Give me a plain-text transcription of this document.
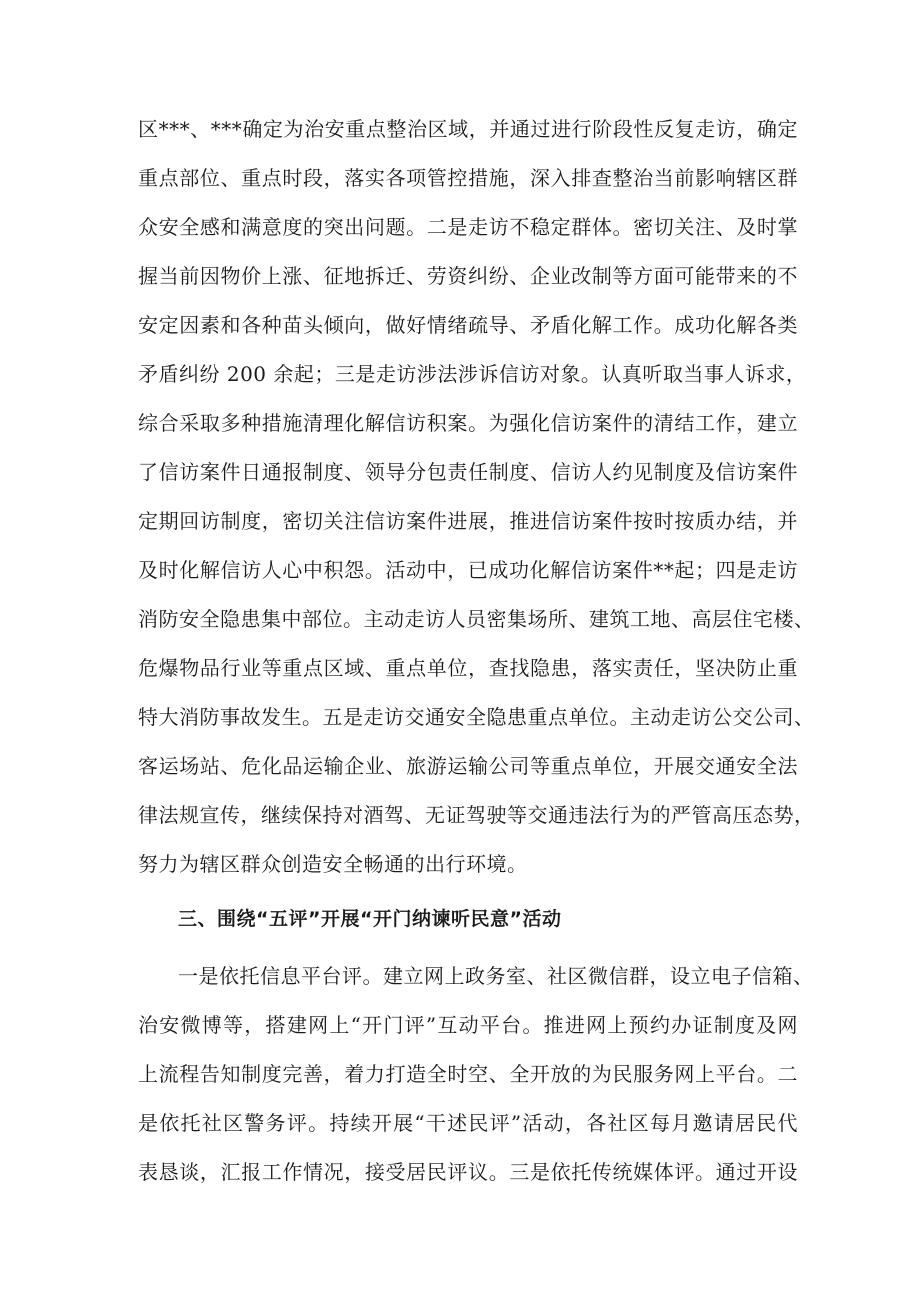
区***、***确定为治安重点整治区域，并通过进行阶段性反复走访，确定
重点部位、重点时段，落实各项管控措施，深入排查整治当前影响辖区群
众安全感和满意度的突出问题。二是走访不稳定群体。密切关注、及时掌
握当前因物价上涨、征地拆迁、劳资纠纷、企业改制等方面可能带来的不
安定因素和各种苗头倾向，做好情绪疏导、矛盾化解工作。成功化解各类
矛盾纠纷 200 余起；三是走访涉法涉诉信访对象。认真听取当事人诉求，
综合采取多种措施清理化解信访积案。为强化信访案件的清结工作，建立
了信访案件日通报制度、领导分包责任制度、信访人约见制度及信访案件
定期回访制度，密切关注信访案件进展，推进信访案件按时按质办结，并
及时化解信访人心中积怨。活动中，已成功化解信访案件**起；四是走访
消防安全隐患集中部位。主动走访人员密集场所、建筑工地、高层住宅楼、
危爆物品行业等重点区域、重点单位，查找隐患，落实责任，坚决防止重
特大消防事故发生。五是走访交通安全隐患重点单位。主动走访公交公司、
客运场站、危化品运输企业、旅游运输公司等重点单位，开展交通安全法
律法规宣传，继续保持对酒驾、无证驾驶等交通违法行为的严管高压态势，
努力为辖区群众创造安全畅通的出行环境。
三、围绕“五评”开展“开门纳谏听民意”活动
一是依托信息平台评。建立网上政务室、社区微信群，设立电子信箱、
治安微博等，搭建网上“开门评”互动平台。推进网上预约办证制度及网
上流程告知制度完善，着力打造全时空、全开放的为民服务网上平台。二
是依托社区警务评。持续开展“干述民评”活动，各社区每月邀请居民代
表恳谈，汇报工作情况，接受居民评议。三是依托传统媒体评。通过开设
